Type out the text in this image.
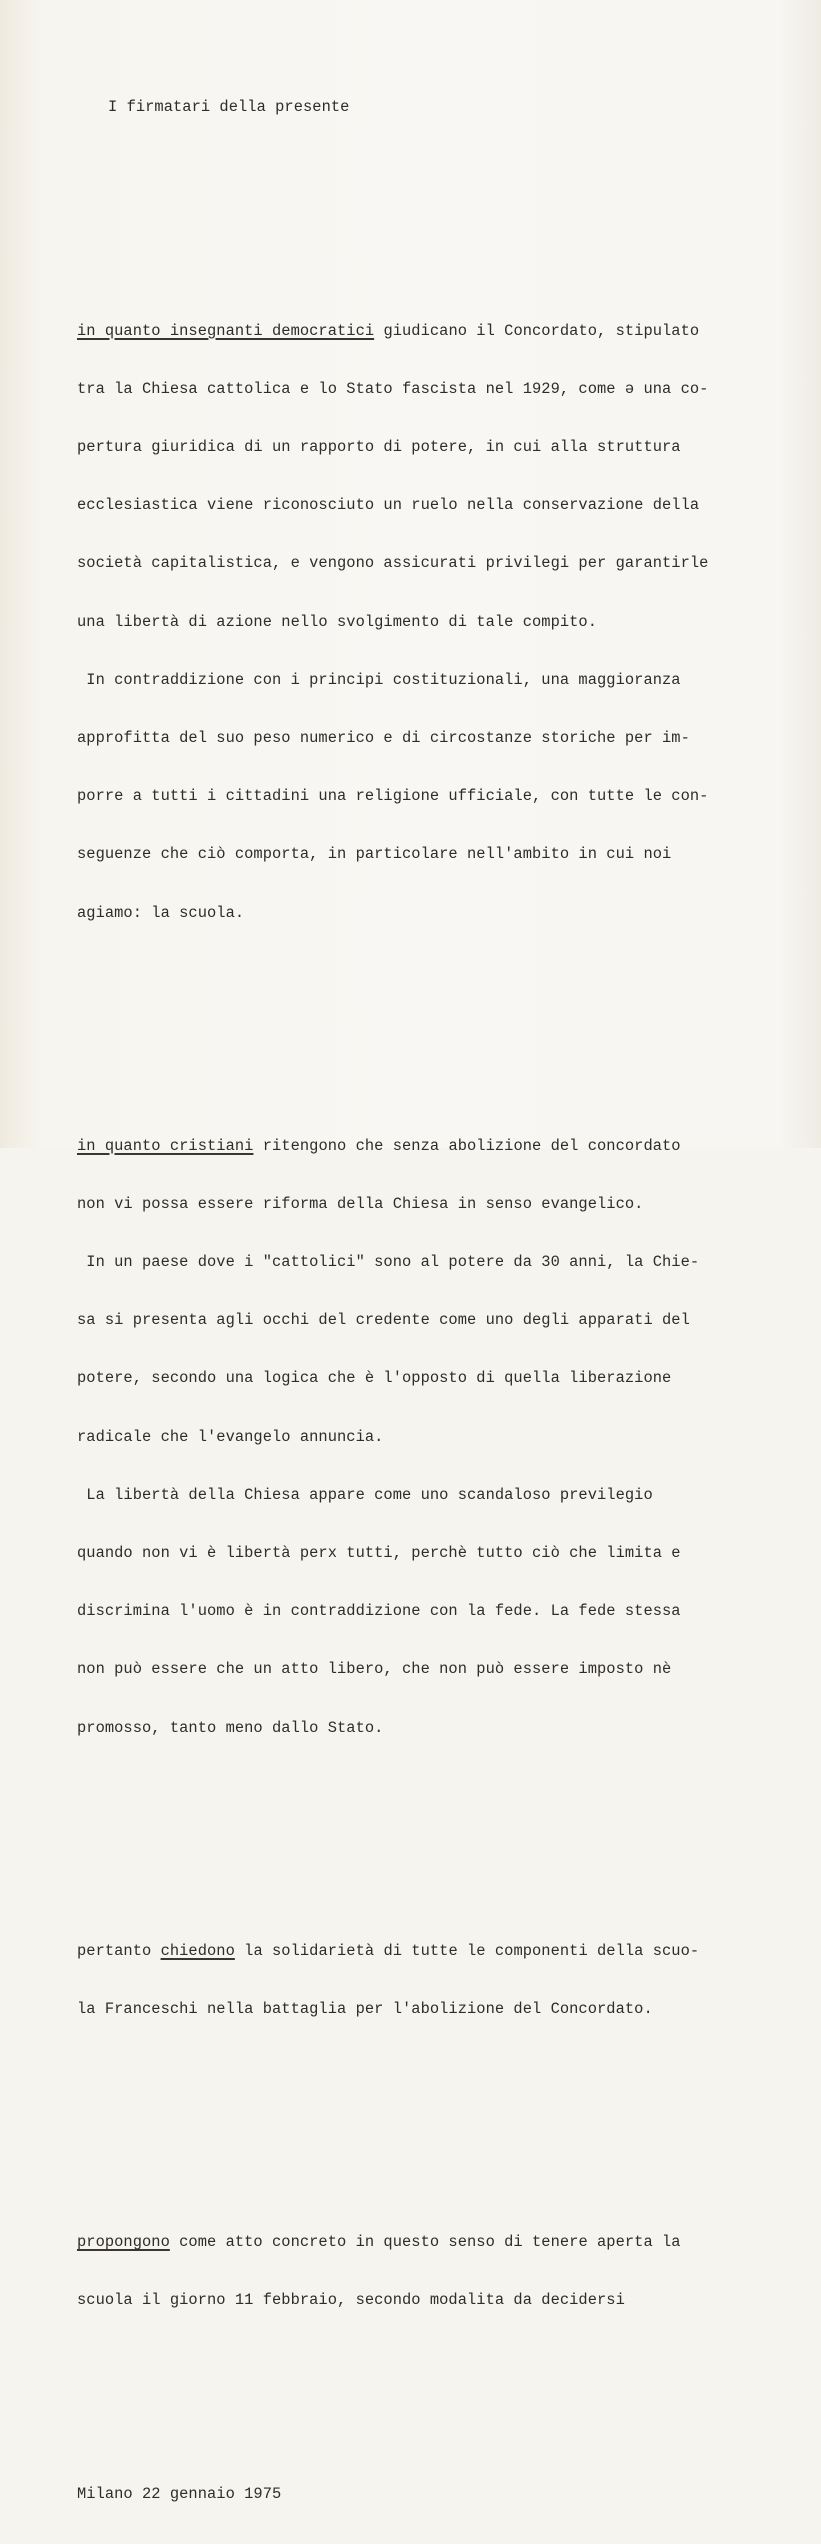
I firmatari della presente

in quanto insegnanti democratici giudicano il Concordato, stipulato

tra la Chiesa cattolica e lo Stato fascista nel 1929, come ə una co-

pertura giuridica di un rapporto di potere, in cui alla struttura

ecclesiastica viene riconosciuto un ruelo nella conservazione della

società capitalistica, e vengono assicurati privilegi per garantirle

una libertà di azione nello svolgimento di tale compito.

In contraddizione con i principi costituzionali, una maggioranza

approfitta del suo peso numerico e di circostanze storiche per im-

porre a tutti i cittadini una religione ufficiale, con tutte le con-

seguenze che ciò comporta, in particolare nell'ambito in cui noi

agiamo: la scuola.

in quanto cristiani ritengono che senza abolizione del concordato

non vi possa essere riforma della Chiesa in senso evangelico.

In un paese dove i "cattolici" sono al potere da 30 anni, la Chie-

sa si presenta agli occhi del credente come uno degli apparati del

potere, secondo una logica che è l'opposto di quella liberazione

radicale che l'evangelo annuncia.

La libertà della Chiesa appare come uno scandaloso previlegio

quando non vi è libertà perx tutti, perchè tutto ciò che limita e

discrimina l'uomo è in contraddizione con la fede. La fede stessa

non può essere che un atto libero, che non può essere imposto nè

promosso, tanto meno dallo Stato.

pertanto chiedono la solidarietà di tutte le componenti della scuo-

la Franceschi nella battaglia per l'abolizione del Concordato.

propongono come atto concreto in questo senso di tenere aperta la

scuola il giorno 11 febbraio, secondo modalita da decidersi

Milano 22 gennaio 1975
